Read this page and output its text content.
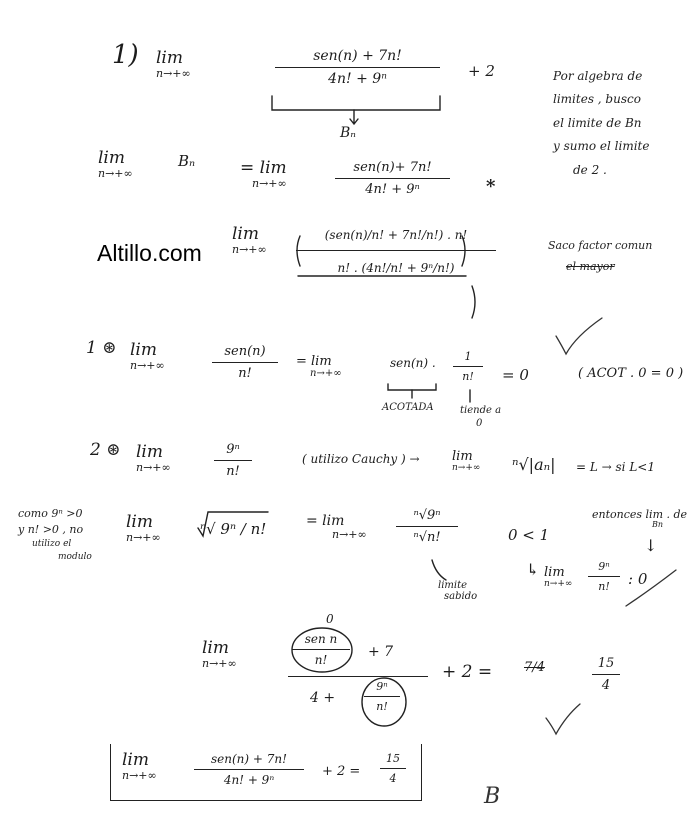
Altillo.com
1) lim
n→+∞
sen(n) + 7n!
4n! + 9ⁿ	+ 2
Bₙ
Por algebra de
limites , busco
el limite de Bn
y sumo el limite
de 2 .
lim
n→+∞
Bₙ	= lim
n→+∞
sen(n)+ 7n!
4n! + 9ⁿ	*
Saco factor comun
el mayor
lim
n→+∞
(sen(n)/n! + 7n!/n!) . n!
n! . (4n!/n! + 9ⁿ/n!)
1 ⊛ lim
n→+∞
sen(n)
n!
= lim
n→+∞
sen(n) . $\frac{1}{n!} = 0$	( ACOT . 0 = 0 )
ACOTADA	tiende a
0
2 ⊛ lim
n→+∞	$\frac{\text{9ⁿ}}{n!}$	( utilizo Cauchy ) → lim
n→+∞ ⁿ√|aₙ| = L → si L<1
como 9ⁿ >0
y n! >0 , no
utilizo el
modulo
lim
n→+∞	ⁿ√ 9ⁿ / n!	= lim
$n\to+\infty \frac{\text{ⁿ√9ⁿ}}{\text{ⁿ√n!}}$	0 < 1
limite
sabido
entonces lim . de
Bn
↓
↳ lim
$n\to+\infty \frac{\text{9ⁿ}}{n!}$ : 0
lim
n→+∞
0
sen n
n!	+ 7
4 +	$\frac{\text{9ⁿ}}{n!}$
+ 2 = 7/4	$\frac{15}{4}$
lim
n→+∞
sen(n) + 7n!
4n! + 9ⁿ
+ $2 = \frac{15}{4}$
B
